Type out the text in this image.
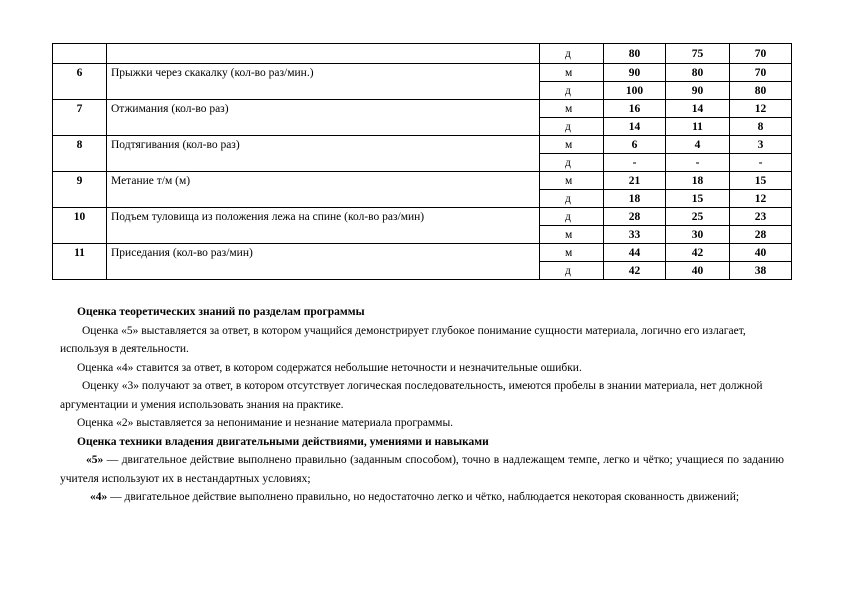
		д	80	75	70
6	Прыжки через скакалку (кол-во раз/мин.)	м	90	80	70
		д	100	90	80
7	Отжимания (кол-во раз)	м	16	14	12
		д	14	11	8
8	Подтягивания (кол-во раз)	м	6	4	3
		д	-	-	-
9	Метание т/м (м)	м	21	18	15
		д	18	15	12
10	Подъем туловища из положения лежа на спине (кол-во раз/мин)	д	28	25	23
		м	33	30	28
11	Приседания (кол-во раз/мин)	м	44	42	40
		д	42	40	38

Оценка теоретических знаний по разделам программы

Оценка «5» выставляется за ответ, в котором учащийся демонстрирует глубокое понимание сущности материала, логично его излагает, используя в деятельности.

Оценка «4» ставится за ответ, в котором содержатся небольшие неточности и незначительные ошибки.

Оценку «3» получают за ответ, в котором отсутствует логическая последовательность, имеются пробелы в знании материала, нет должной аргументации и умения использовать знания на практике.

Оценка «2» выставляется за непонимание и незнание материала программы.

Оценка техники владения двигательными действиями, умениями и навыками

«5» — двигательное действие выполнено правильно (заданным способом), точно в надлежащем темпе, легко и чётко; учащиеся по заданию учителя используют их в нестандартных условиях;

«4» — двигательное действие выполнено правильно, но недостаточно легко и чётко, наблюдается некоторая скованность движений;
